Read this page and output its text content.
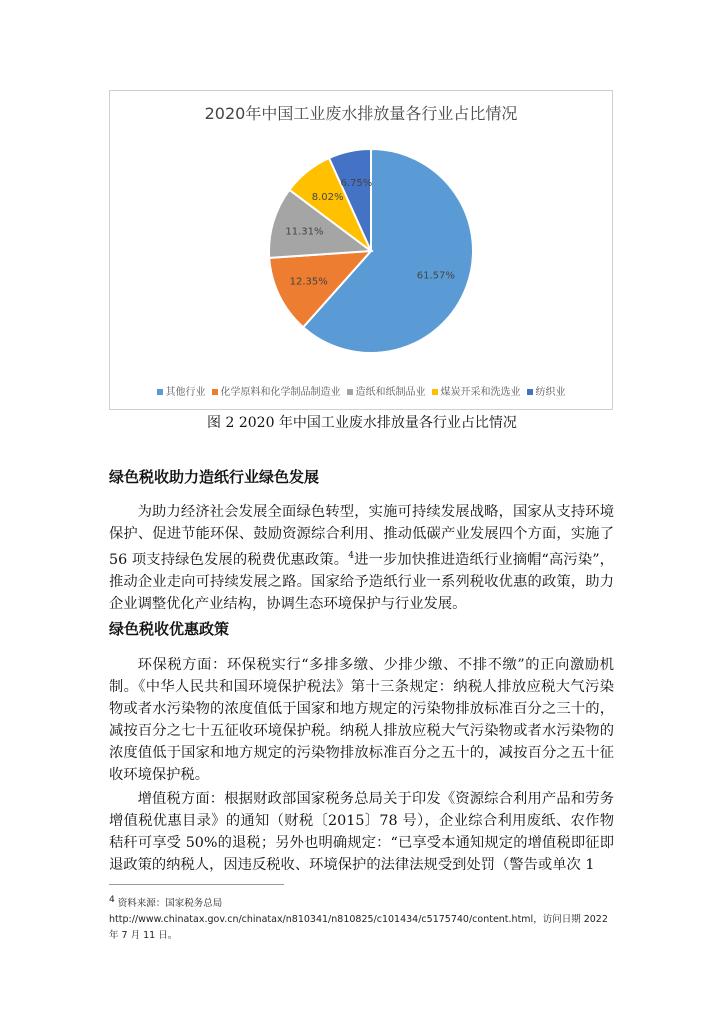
61.57%
12.35%
11.31%
8.02%
6.75%
2020年中国工业废水排放量各行业占比情况
其他行业 化学原料和化学制品制造业 造纸和纸制品业 煤炭开采和洗选业 纺织业
图 2 2020 年中国工业废水排放量各行业占比情况
绿色税收助力造纸行业绿色发展
为助力经济社会发展全面绿色转型，实施可持续发展战略，国家从支持环境保护、促进节能环保、鼓励资源综合利用、推动低碳产业发展四个方面，实施了56 项支持绿色发展的税费优惠政策。$^4$进一步加快推进造纸行业摘帽“高污染”，推动企业走向可持续发展之路。国家给予造纸行业一系列税收优惠的政策，助力企业调整优化产业结构，协调生态环境保护与行业发展。
绿色税收优惠政策
环保税方面：环保税实行“多排多缴、少排少缴、不排不缴”的正向激励机制。《中华人民共和国环境保护税法》第十三条规定：纳税人排放应税大气污染物或者水污染物的浓度值低于国家和地方规定的污染物排放标准百分之三十的，减按百分之七十五征收环境保护税。纳税人排放应税大气污染物或者水污染物的浓度值低于国家和地方规定的污染物排放标准百分之五十的，减按百分之五十征收环境保护税。
增值税方面：根据财政部国家税务总局关于印发《资源综合利用产品和劳务增值税优惠目录》的通知（财税〔2015〕78 号），企业综合利用废纸、农作物秸秆可享受 50%的退税；另外也明确规定：“已享受本通知规定的增值税即征即退政策的纳税人，因违反税收、环境保护的法律法规受到处罚（警告或单次 1
$^4$ 资料来源：国家税务总局
http://www.chinatax.gov.cn/chinatax/n810341/n810825/c101434/c5175740/content.html，访问日期 2022 年 7 月 11 日。
